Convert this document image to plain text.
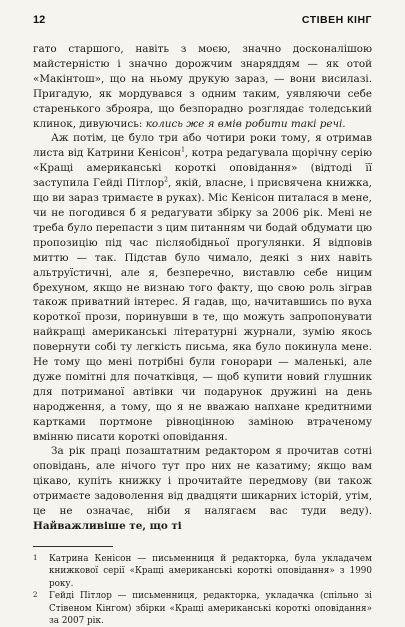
12	СТІВЕН КІНГ

гато старшого, навіть з моєю, значно досконалішою майстерністю і значно дорожчим знаряддям — як отой «Макінтош», що на ньому друкую зараз, — вони висилазі. Пригадую, як мордувався з одним таким, уявляючи себе старенького зброяра, що безпорадно розглядає толедський клинок, дивуючись: колись же я вмів робити такі речі.

Аж потім, це було три або чотири роки тому, я отримав листа від Катрини Кенісон$^1$, котра редагувала щорічну серію «Кращі американські короткі оповідання» (відтоді її заступила Гейді Пітлор$^2$, якій, власне, і присвячена книжка, що ви зараз тримаєте в руках). Міс Кенісон питалася в мене, чи не погодився б я редагувати збірку за 2006 рік. Мені не треба було перепасти з цим питанням чи бодай обдумати цю пропозицію під час післяобідньої прогулянки. Я відповів миттю — так. Підстав було чимало, деякі з них навіть альтруїстичні, але я, безперечно, виставлю себе ницим брехуном, якщо не визнаю того факту, що свою роль зіграв також приватний інтерес. Я гадав, що, начитавшись по вуха короткої прози, поринувши в те, що можуть запропонувати найкращі американські літературні журнали, зумію якось повернути собі ту легкість письма, яка було покинула мене. Не тому що мені потрібні були гонорари — маленькі, але дуже помітні для початківця, — щоб купити новий глушник для потриманої автівки чи подарунок дружині на день народження, а тому, що я не вважаю напхане кредитними картками портмоне рівноцінною заміною втраченому вмінню писати короткі оповідання.

За рік праці позаштатним редактором я прочитав сотні оповідань, але нічого тут про них не казатиму; якщо вам цікаво, купіть книжку і прочитайте передмову (ви також отримаєте задоволення від двадцяти шикарних історій, утім, це не означає, ніби я налягаєм вас туди веду). Найважливіше те, що ті

1	Катрина Кенісон — письменниця й редакторка, була укладачем книжкової серії «Кращі американські короткі оповідання» з 1990 року.
2	Гейді Пітлор — письменниця, редакторка, укладачка (спільно зі Стівеном Кінгом) збірки «Кращі американські короткі оповідання» за 2007 рік.
